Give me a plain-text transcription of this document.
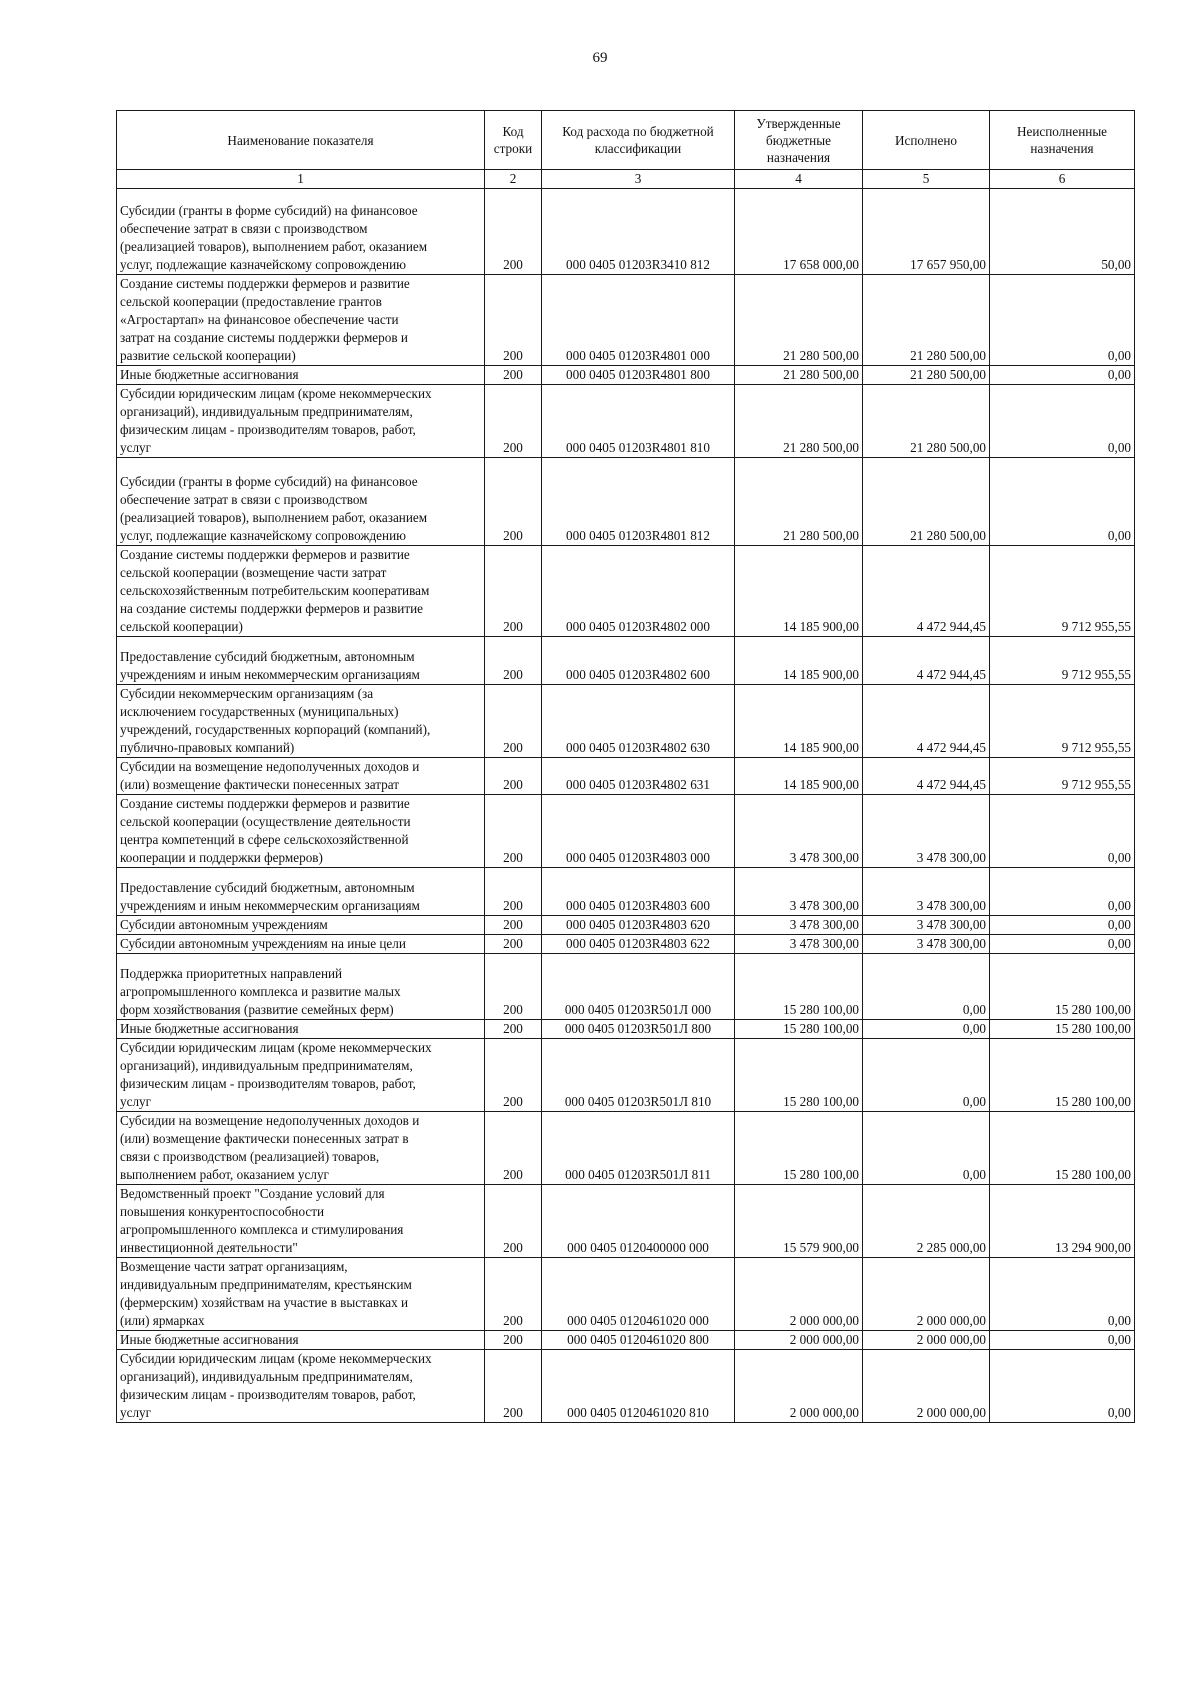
69
Наименование показателя	Код строки	Код расхода по бюджетной классификации	Утвержденные бюджетные назначения	Исполнено	Неисполненные назначения
1	2	3	4	5	6
Субсидии (гранты в форме субсидий) на финансовое
обеспечение затрат в связи с производством
(реализацией товаров), выполнением работ, оказанием
услуг, подлежащие казначейскому сопровождению	200	000 0405 01203R3410 812	17 658 000,00	17 657 950,00	50,00
Создание системы поддержки фермеров и развитие
сельской кооперации (предоставление грантов
«Агростартап» на финансовое обеспечение части
затрат на создание системы поддержки фермеров и
развитие сельской кооперации)	200	000 0405 01203R4801 000	21 280 500,00	21 280 500,00	0,00
Иные бюджетные ассигнования	200	000 0405 01203R4801 800	21 280 500,00	21 280 500,00	0,00
Субсидии юридическим лицам (кроме некоммерческих
организаций), индивидуальным предпринимателям,
физическим лицам - производителям товаров, работ,
услуг	200	000 0405 01203R4801 810	21 280 500,00	21 280 500,00	0,00
Субсидии (гранты в форме субсидий) на финансовое
обеспечение затрат в связи с производством
(реализацией товаров), выполнением работ, оказанием
услуг, подлежащие казначейскому сопровождению	200	000 0405 01203R4801 812	21 280 500,00	21 280 500,00	0,00
Создание системы поддержки фермеров и развитие
сельской кооперации (возмещение части затрат
сельскохозяйственным потребительским кооперативам
на создание системы поддержки фермеров и развитие
сельской кооперации)	200	000 0405 01203R4802 000	14 185 900,00	4 472 944,45	9 712 955,55
Предоставление субсидий бюджетным, автономным
учреждениям и иным некоммерческим организациям	200	000 0405 01203R4802 600	14 185 900,00	4 472 944,45	9 712 955,55
Субсидии некоммерческим организациям (за
исключением государственных (муниципальных)
учреждений, государственных корпораций (компаний),
публично-правовых компаний)	200	000 0405 01203R4802 630	14 185 900,00	4 472 944,45	9 712 955,55
Субсидии на возмещение недополученных доходов и
(или) возмещение фактически понесенных затрат	200	000 0405 01203R4802 631	14 185 900,00	4 472 944,45	9 712 955,55
Создание системы поддержки фермеров и развитие
сельской кооперации (осуществление деятельности
центра компетенций в сфере сельскохозяйственной
кооперации и поддержки фермеров)	200	000 0405 01203R4803 000	3 478 300,00	3 478 300,00	0,00
Предоставление субсидий бюджетным, автономным
учреждениям и иным некоммерческим организациям	200	000 0405 01203R4803 600	3 478 300,00	3 478 300,00	0,00
Субсидии автономным учреждениям	200	000 0405 01203R4803 620	3 478 300,00	3 478 300,00	0,00
Субсидии автономным учреждениям на иные цели	200	000 0405 01203R4803 622	3 478 300,00	3 478 300,00	0,00
Поддержка приоритетных направлений
агропромышленного комплекса и развитие малых
форм хозяйствования (развитие семейных ферм)	200	000 0405 01203R501Л 000	15 280 100,00	0,00	15 280 100,00
Иные бюджетные ассигнования	200	000 0405 01203R501Л 800	15 280 100,00	0,00	15 280 100,00
Субсидии юридическим лицам (кроме некоммерческих
организаций), индивидуальным предпринимателям,
физическим лицам - производителям товаров, работ,
услуг	200	000 0405 01203R501Л 810	15 280 100,00	0,00	15 280 100,00
Субсидии на возмещение недополученных доходов и
(или) возмещение фактически понесенных затрат в
связи с производством (реализацией) товаров,
выполнением работ, оказанием услуг	200	000 0405 01203R501Л 811	15 280 100,00	0,00	15 280 100,00
Ведомственный проект "Создание условий для
повышения конкурентоспособности
агропромышленного комплекса и стимулирования
инвестиционной деятельности"	200	000 0405 0120400000 000	15 579 900,00	2 285 000,00	13 294 900,00
Возмещение части затрат организациям,
индивидуальным предпринимателям, крестьянским
(фермерским) хозяйствам на участие в выставках и
(или) ярмарках	200	000 0405 0120461020 000	2 000 000,00	2 000 000,00	0,00
Иные бюджетные ассигнования	200	000 0405 0120461020 800	2 000 000,00	2 000 000,00	0,00
Субсидии юридическим лицам (кроме некоммерческих
организаций), индивидуальным предпринимателям,
физическим лицам - производителям товаров, работ,
услуг	200	000 0405 0120461020 810	2 000 000,00	2 000 000,00	0,00
